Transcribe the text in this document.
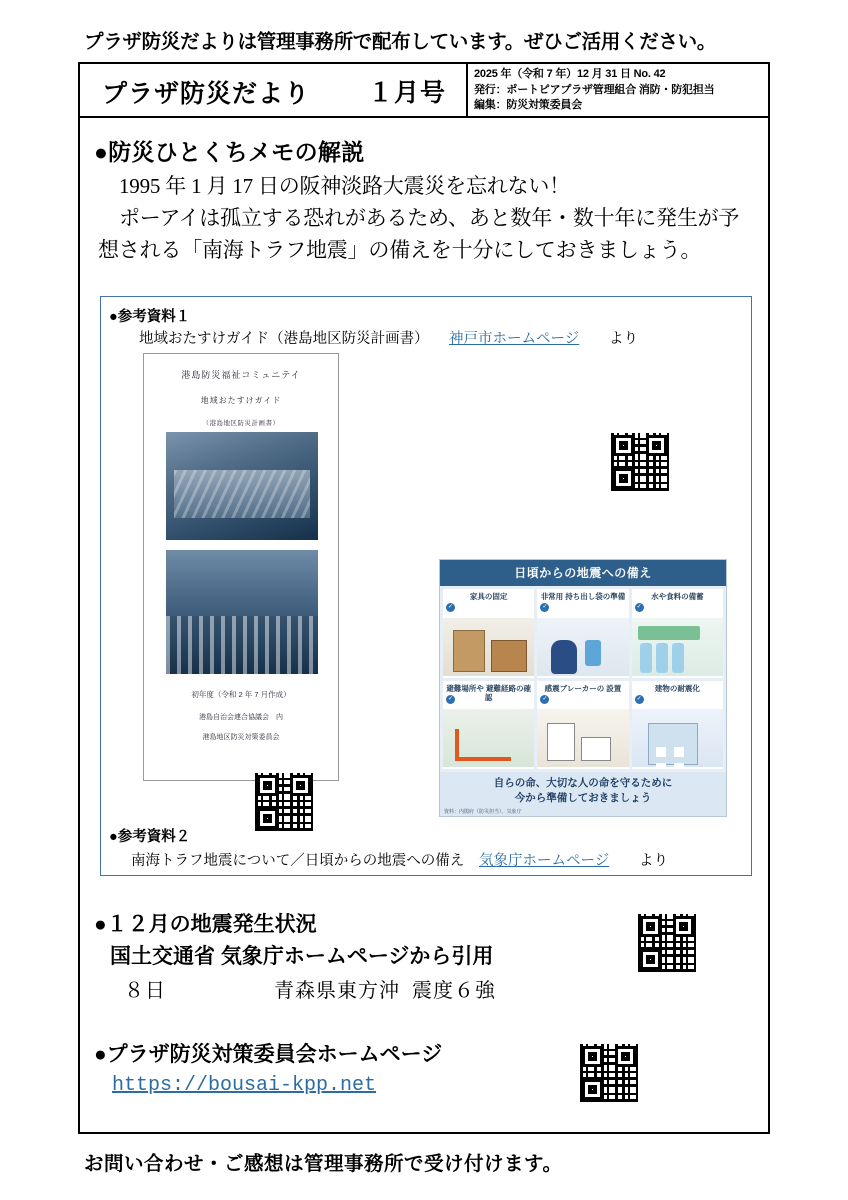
プラザ防災だよりは管理事務所で配布しています。ぜひご活用ください。
プラザ防災だより １月号
2025 年（令和 7 年）12 月 31 日 No. 42
発行：ポートピアプラザ管理組合 消防・防犯担当
編集：防災対策委員会
●防災ひとくちメモの解説

1995 年 1 月 17 日の阪神淡路大震災を忘れない！

ポーアイは孤立する恐れがあるため、あと数年・数十年に発生が予想される「南海トラフ地震」の備えを十分にしておきましょう。

●参考資料１
地域おたすけガイド（港島地区防災計画書） 神戸市ホームページ より
港島防災福祉コミュニテイ
地域おたすけガイド
（港島地区防災計画書）
初年度（令和 2 年 7 月作成）
港島自治会連合協議会　内
港島地区防災対策委員会
日頃からの地震への備え
✓
家具の固定
✓
非常用 持ち出し袋の準備
✓
水や食料の備蓄
✓
避難場所や 避難経路の確認	✓
感震ブレーカーの 設置
✓
建物の耐震化
自らの命、大切な人の命を守るために
今から準備しておきましょう
資料：内閣府（防災担当）、気象庁
●参考資料２
南海トラフ地震について／日頃からの地震への備え 気象庁ホームページ より
●１２月の地震発生状況
国土交通省 気象庁ホームページから引用
８日	青森県東方沖 震度６強
●プラザ防災対策委員会ホームページ
https://bousai-kpp.net
お問い合わせ・ご感想は管理事務所で受け付けます。
